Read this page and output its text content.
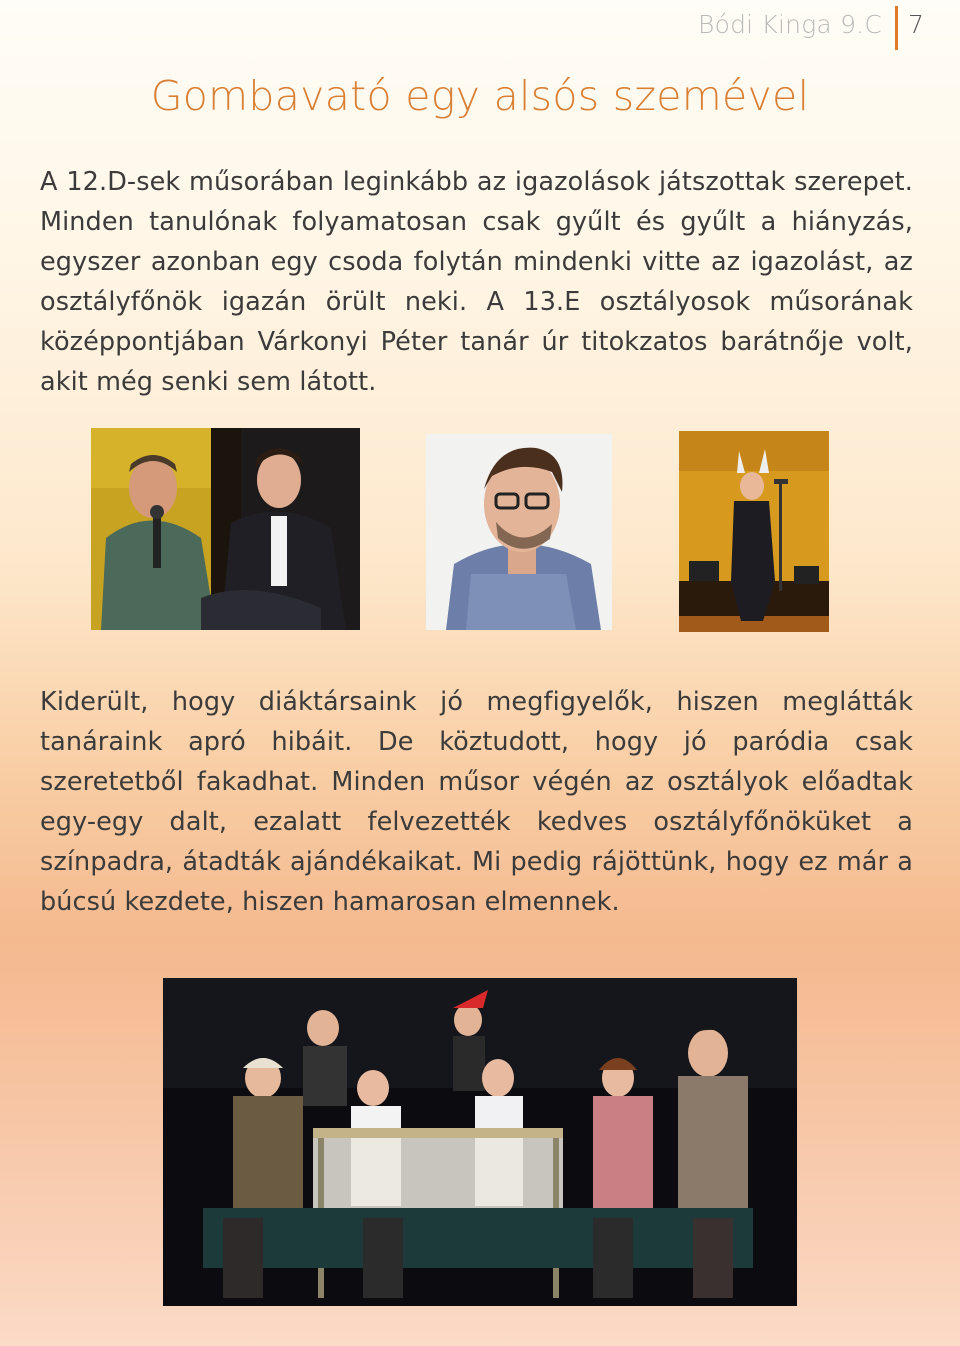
Bódi Kinga 9.C 7
Gombavató egy alsós szemével
A 12.D-sek műsorában leginkább az igazolások játszottak szerepet. Minden tanulónak folyamatosan csak gyűlt és gyűlt a hiányzás, egyszer azonban egy csoda folytán mindenki vitte az igazolást, az osztályfőnök igazán örült neki. A 13.E osztályosok műsorának középpontjában Várkonyi Péter tanár úr titokzatos barátnője volt, akit még senki sem látott.
Kiderült, hogy diáktársaink jó megfigyelők, hiszen meglátták tanáraink apró hibáit. De köztudott, hogy jó paródia csak szeretetből fakadhat. Minden műsor végén az osztályok előadtak egy-egy dalt, ezalatt felvezették kedves osztályfőnöküket a színpadra, átadták ajándékaikat. Mi pedig rájöttünk, hogy ez már a búcsú kezdete, hiszen hamarosan elmennek.
